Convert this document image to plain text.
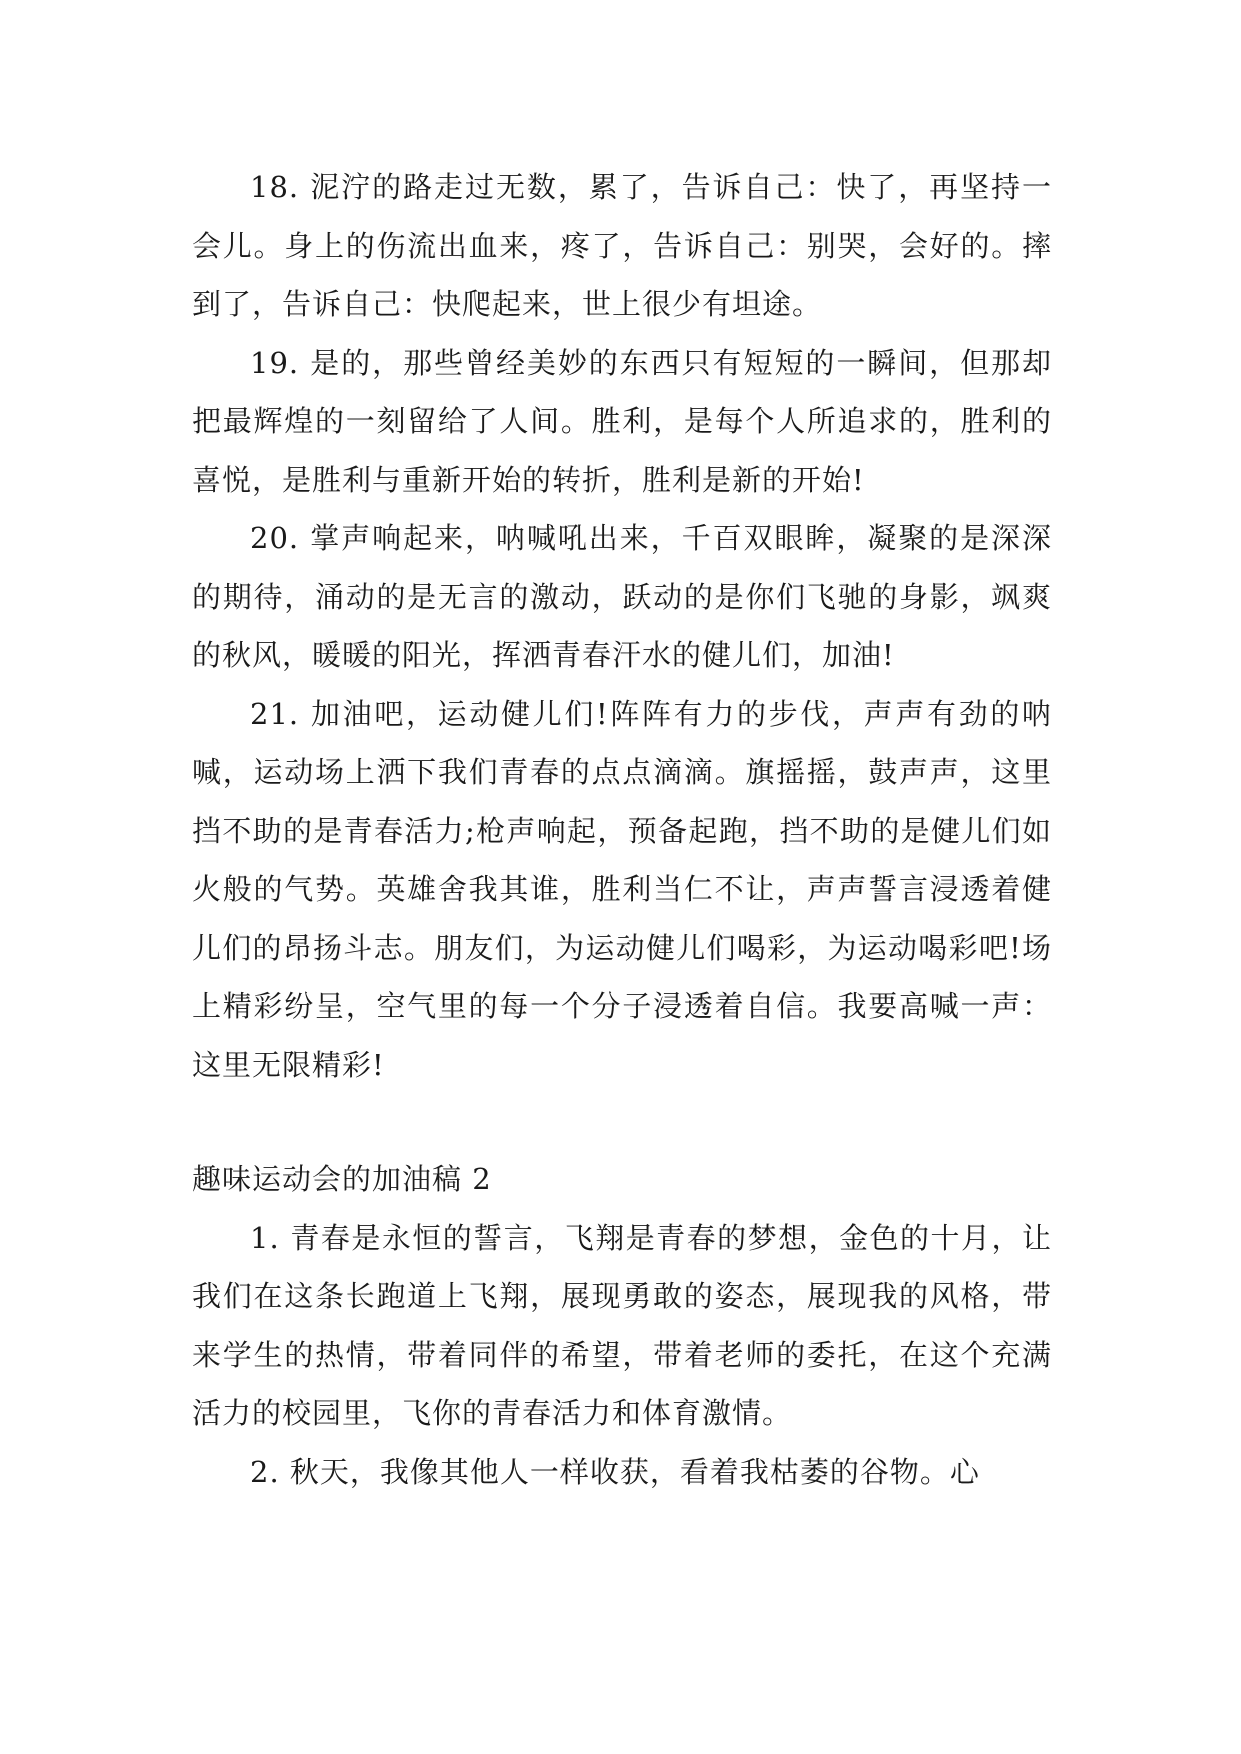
18. 泥泞的路走过无数，累了，告诉自己：快了，再坚持一会儿。身上的伤流出血来，疼了，告诉自己：别哭，会好的。摔到了，告诉自己：快爬起来，世上很少有坦途。

19. 是的，那些曾经美妙的东西只有短短的一瞬间，但那却把最辉煌的一刻留给了人间。胜利，是每个人所追求的，胜利的喜悦，是胜利与重新开始的转折，胜利是新的开始!

20. 掌声响起来，呐喊吼出来，千百双眼眸，凝聚的是深深的期待，涌动的是无言的激动，跃动的是你们飞驰的身影，飒爽的秋风，暖暖的阳光，挥洒青春汗水的健儿们，加油!

21. 加油吧，运动健儿们!阵阵有力的步伐，声声有劲的呐喊，运动场上洒下我们青春的点点滴滴。旗摇摇，鼓声声，这里挡不助的是青春活力;枪声响起，预备起跑，挡不助的是健儿们如火般的气势。英雄舍我其谁，胜利当仁不让，声声誓言浸透着健儿们的昂扬斗志。朋友们，为运动健儿们喝彩，为运动喝彩吧!场上精彩纷呈，空气里的每一个分子浸透着自信。我要高喊一声：这里无限精彩!

趣味运动会的加油稿 2

1. 青春是永恒的誓言，飞翔是青春的梦想，金色的十月，让我们在这条长跑道上飞翔，展现勇敢的姿态，展现我的风格，带来学生的热情，带着同伴的希望，带着老师的委托，在这个充满活力的校园里，飞你的青春活力和体育激情。

2. 秋天，我像其他人一样收获，看着我枯萎的谷物。心
